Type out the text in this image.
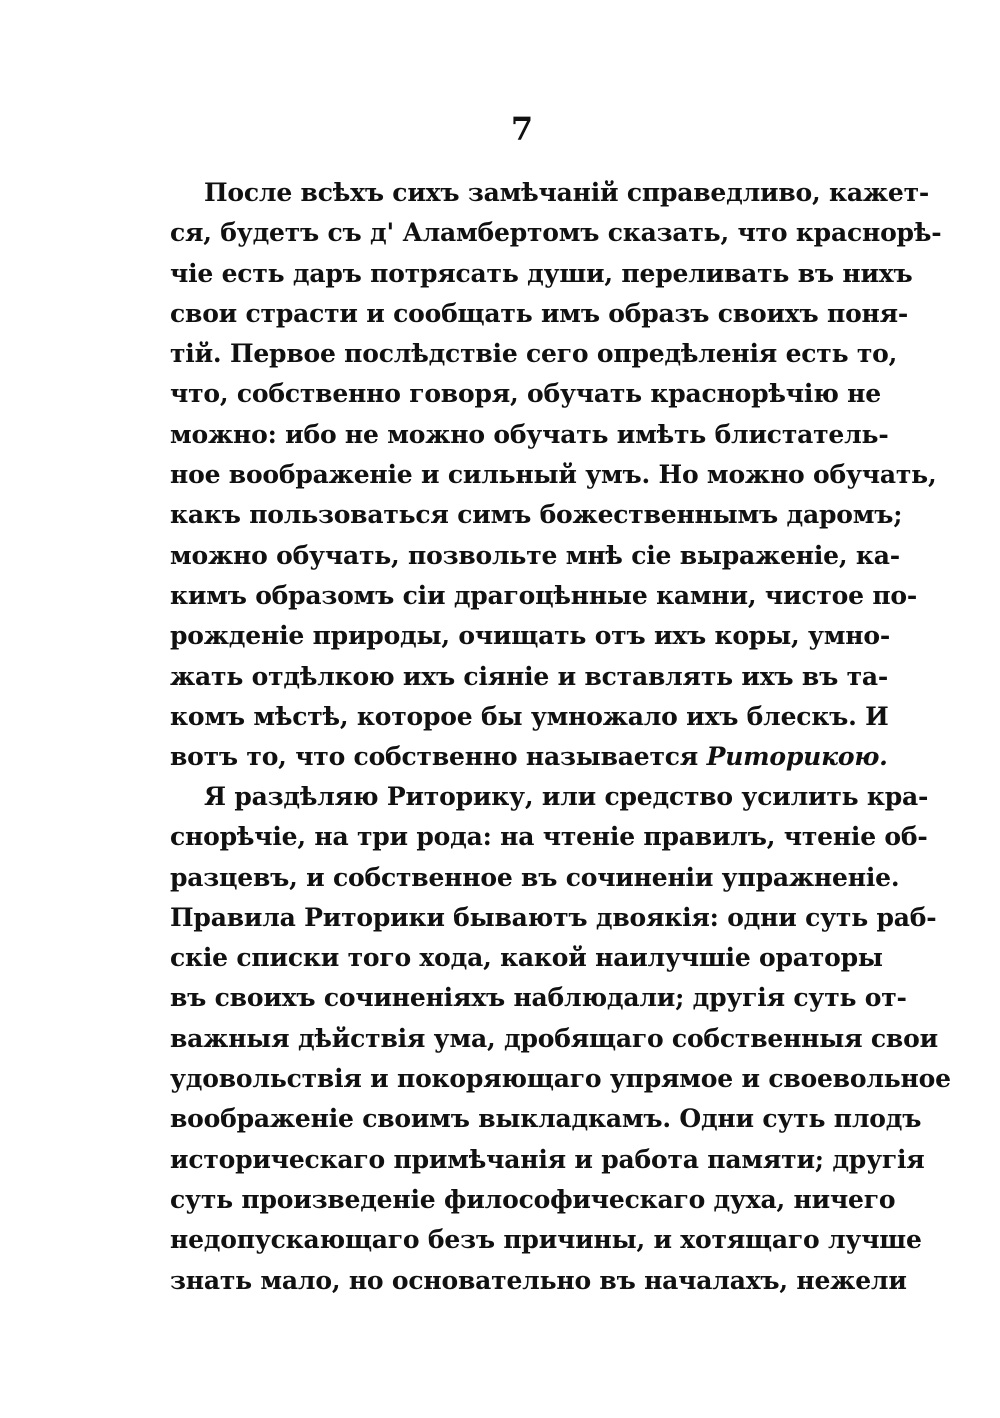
7
После всѣхъ сихъ замѣчаній справедливо, кажет-
ся, будетъ съ д' Аламбертомъ сказать, что краснорѣ-
чіе есть даръ потрясать души, переливать въ нихъ
свои страсти и сообщать имъ образъ своихъ поня-
тій. Первое послѣдствіе сего опредѣленія есть то,
что, собственно говоря, обучать краснорѣчію не
можно: ибо не можно обучать имѣть блистатель-
ное воображеніе и сильный умъ. Но можно обучать,
какъ пользоваться симъ божественнымъ даромъ;
можно обучать, позвольте мнѣ сіе выраженіе, ка-
кимъ образомъ сіи драгоцѣнные камни, чистое по-
рожденіе природы, очищать отъ ихъ коры, умно-
жать отдѣлкою ихъ сіяніе и вставлять ихъ въ та-
комъ мѣстѣ, которое бы умножало ихъ блескъ. И
вотъ то, что собственно называется Риторикою.
Я раздѣляю Риторику, или средство усилить кра-
снорѣчіе, на три рода: на чтеніе правилъ, чтеніе об-
разцевъ, и собственное въ сочиненіи упражненіе.
Правила Риторики бываютъ двоякія: одни суть раб-
скіе списки того хода, какой наилучшіе ораторы
въ своихъ сочиненіяхъ наблюдали; другія суть от-
важныя дѣйствія ума, дробящаго собственныя свои
удовольствія и покоряющаго упрямое и своевольное
воображеніе своимъ выкладкамъ. Одни суть плодъ
историческаго примѣчанія и работа памяти; другія
суть произведеніе философическаго духа, ничего
недопускающаго безъ причины, и хотящаго лучше
знать мало, но основательно въ началахъ, нежели
